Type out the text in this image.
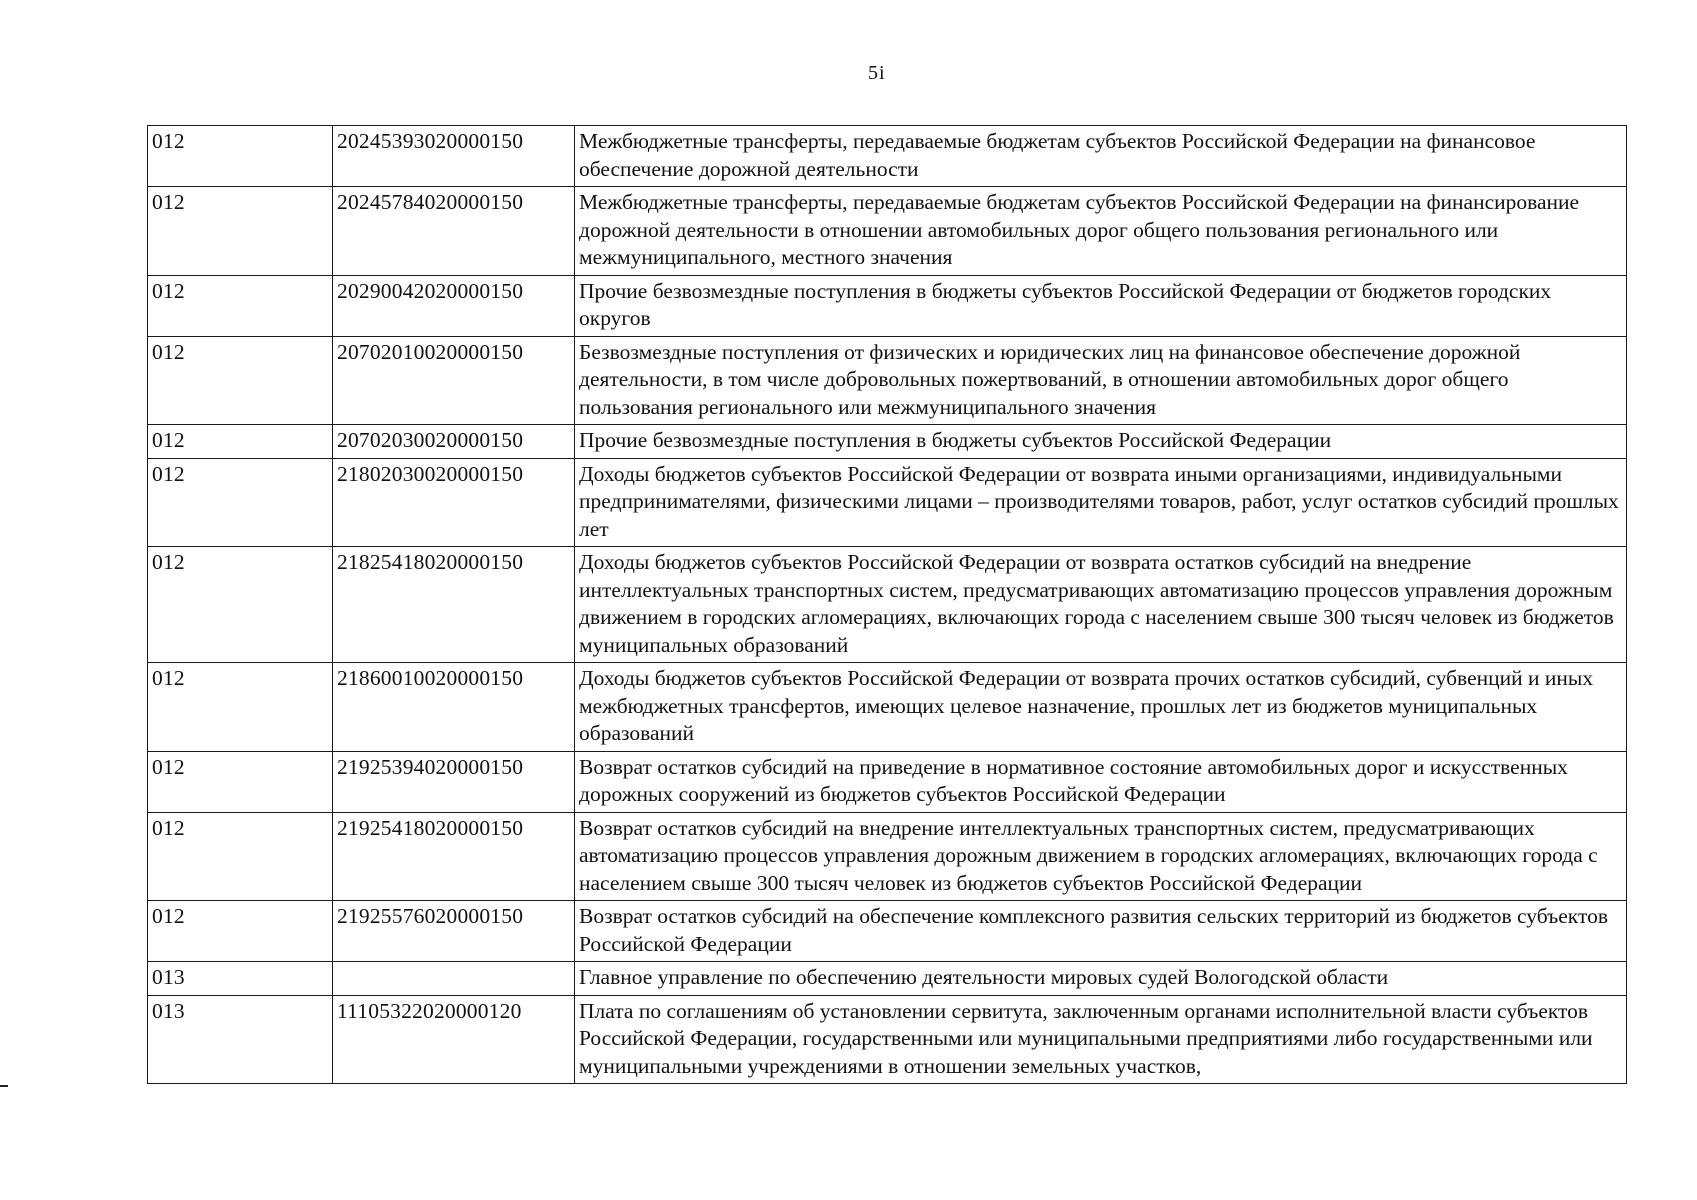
5i
012	20245393020000150	Межбюджетные трансферты, передаваемые бюджетам субъектов Российской Федерации на финансовое обеспечение дорожной деятельности
012	20245784020000150	Межбюджетные трансферты, передаваемые бюджетам субъектов Российской Федерации на финансирование дорожной деятельности в отношении автомобильных дорог общего пользования регионального или межмуниципального, местного значения
012	20290042020000150	Прочие безвозмездные поступления в бюджеты субъектов Российской Федерации от бюджетов городских округов
012	20702010020000150	Безвозмездные поступления от физических и юридических лиц на финансовое обеспечение дорожной деятельности, в том числе добровольных пожертвований, в отношении автомобильных дорог общего пользования регионального или межмуниципального значения
012	20702030020000150	Прочие безвозмездные поступления в бюджеты субъектов Российской Федерации
012	21802030020000150	Доходы бюджетов субъектов Российской Федерации от возврата иными организациями, индивидуальными предпринимателями, физическими лицами – производителями товаров, работ, услуг остатков субсидий прошлых лет
012	21825418020000150	Доходы бюджетов субъектов Российской Федерации от возврата остатков субсидий на внедрение интеллектуальных транспортных систем, предусматривающих автоматизацию процессов управления дорожным движением в городских агломерациях, включающих города с населением свыше 300 тысяч человек из бюджетов муниципальных образований
012	21860010020000150	Доходы бюджетов субъектов Российской Федерации от возврата прочих остатков субсидий, субвенций и иных межбюджетных трансфертов, имеющих целевое назначение, прошлых лет из бюджетов муниципальных образований
012	21925394020000150	Возврат остатков субсидий на приведение в нормативное состояние автомобильных дорог и искусственных дорожных сооружений из бюджетов субъектов Российской Федерации
012	21925418020000150	Возврат остатков субсидий на внедрение интеллектуальных транспортных систем, предусматривающих автоматизацию процессов управления дорожным движением в городских агломерациях, включающих города с населением свыше 300 тысяч человек из бюджетов субъектов Российской Федерации
012	21925576020000150	Возврат остатков субсидий на обеспечение комплексного развития сельских территорий из бюджетов субъектов Российской Федерации
013		Главное управление по обеспечению деятельности мировых судей Вологодской области
013	11105322020000120	Плата по соглашениям об установлении сервитута, заключенным органами исполнительной власти субъектов Российской Федерации, государственными или муниципальными предприятиями либо государственными или муниципальными учреждениями в отношении земельных участков,
